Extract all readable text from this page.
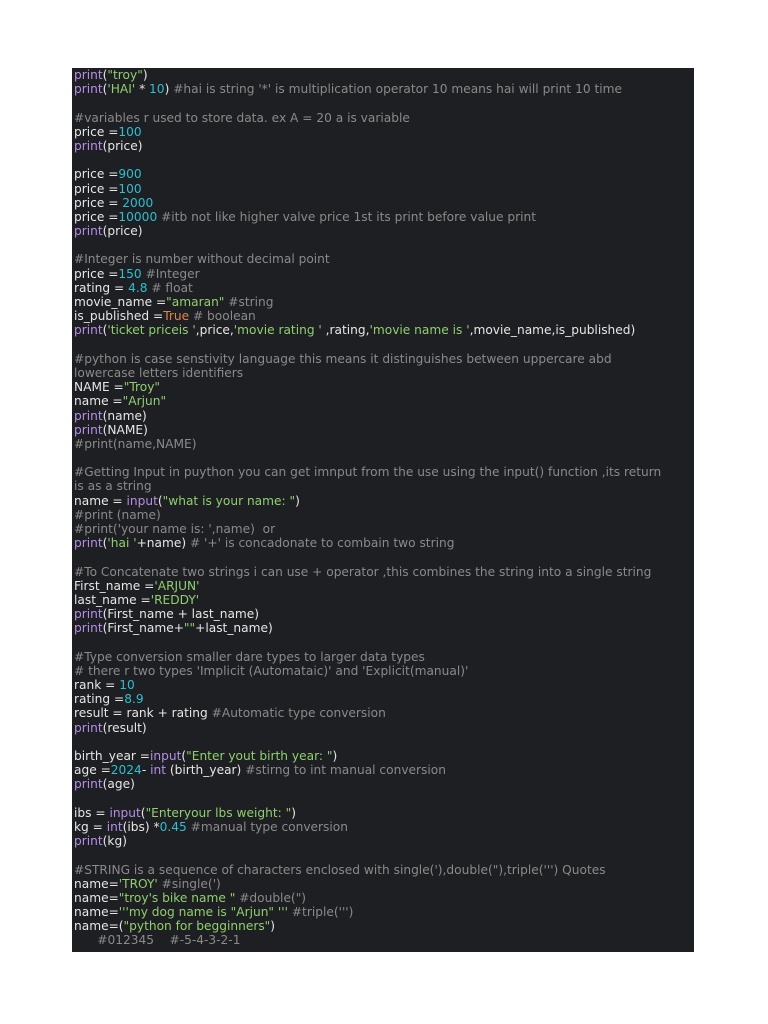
print("troy")
print('HAI' * 10) #hai is string '*' is multiplication operator 10 means hai will print 10 time
#variables r used to store data. ex A = 20 a is variable
price =100
print(price)
price =900
price =100
price = 2000
price =10000 #itb not like higher valve price 1st its print before value print
print(price)
#Integer is number without decimal point
price =150 #Integer
rating = 4.8 # float
movie_name ="amaran" #string
is_published =True # boolean
print('ticket priceis ',price,'movie rating ' ,rating,'movie name is ',movie_name,is_published)
#python is case senstivity language this means it distinguishes between uppercare abd
lowercase letters identifiers
NAME ="Troy"
name ="Arjun"
print(name)
print(NAME)
#print(name,NAME)
#Getting Input in puython you can get imnput from the use using the input() function ,its return
is as a string
name = input("what is your name: ")
#print (name)
#print('your name is: ',name)  or
print('hai '+name) # '+' is concadonate to combain two string
#To Concatenate two strings i can use + operator ,this combines the string into a single string
First_name ='ARJUN'
last_name ='REDDY'
print(First_name + last_name)
print(First_name+""+last_name)
#Type conversion smaller dare types to larger data types
# there r two types 'Implicit (Automataic)' and 'Explicit(manual)'
rank = 10
rating =8.9
result = rank + rating #Automatic type conversion
print(result)
birth_year =input("Enter yout birth year: ")
age =2024- int (birth_year) #stirng to int manual conversion
print(age)
ibs = input("Enteryour lbs weight: ")
kg = int(ibs) *0.45 #manual type conversion
print(kg)
#STRING is a sequence of characters enclosed with single('),double("),triple(''') Quotes
name='TROY' #single(')
name="troy's bike name " #double(")
name='''my dog name is "Arjun" ''' #triple(''')
name=("python for begginners")
#012345    #-5-4-3-2-1
